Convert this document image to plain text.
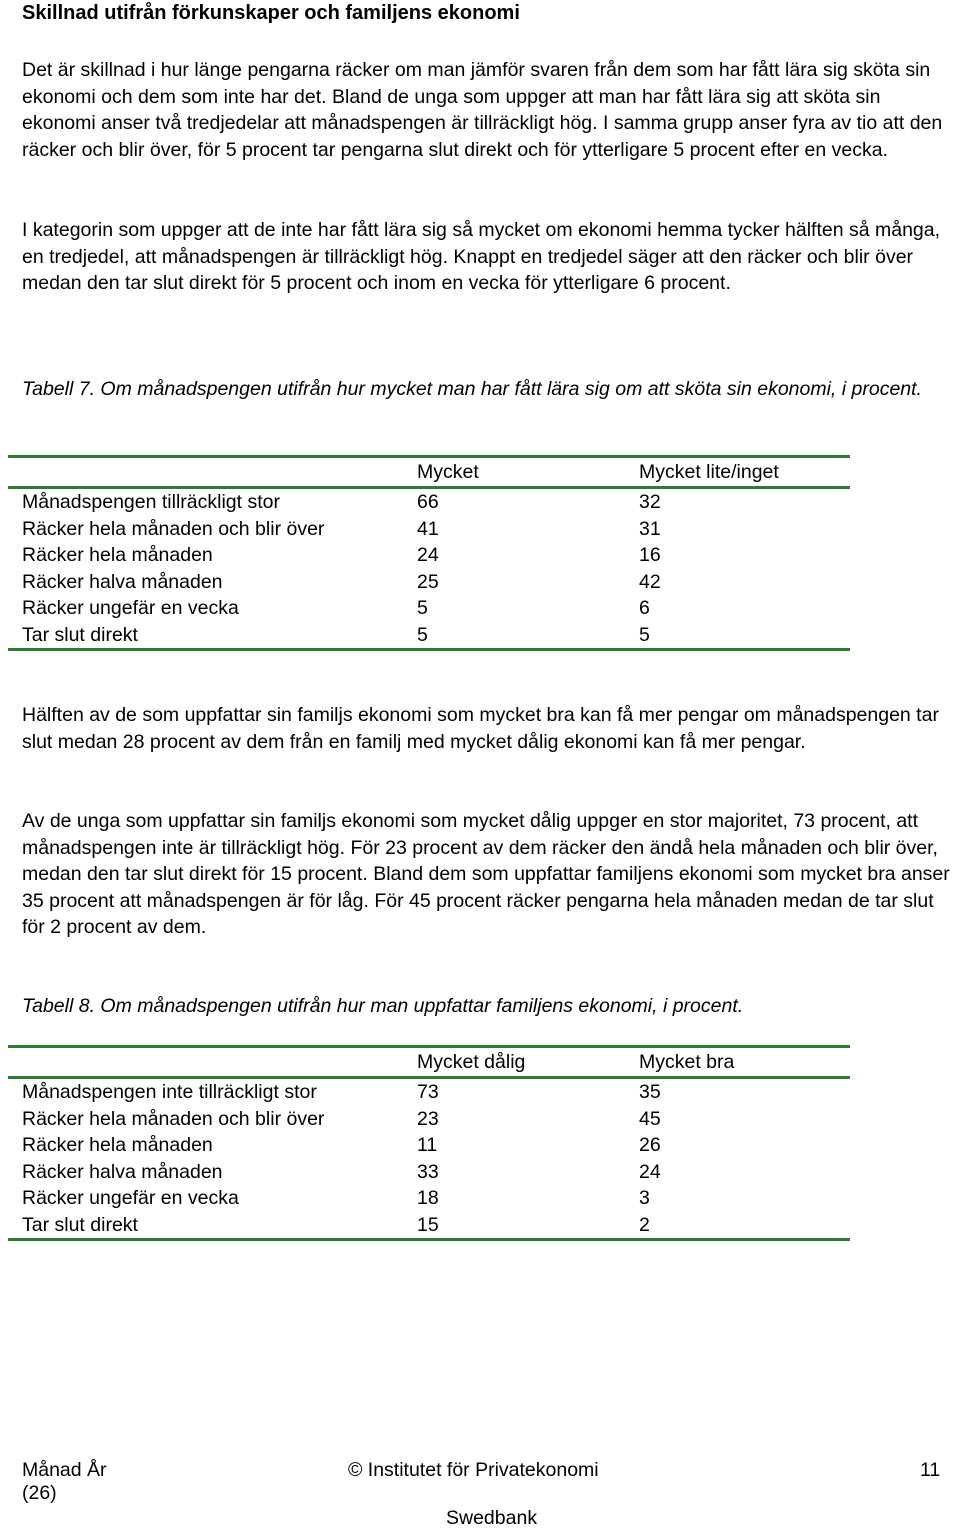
Skillnad utifrån förkunskaper och familjens ekonomi

Det är skillnad i hur länge pengarna räcker om man jämför svaren från dem som har fått lära sig sköta sin ekonomi och dem som inte har det. Bland de unga som uppger att man har fått lära sig att sköta sin ekonomi anser två tredjedelar att månadspengen är tillräckligt hög. I samma grupp anser fyra av tio att den räcker och blir över, för 5 procent tar pengarna slut direkt och för ytterligare 5 procent efter en vecka.

I kategorin som uppger att de inte har fått lära sig så mycket om ekonomi hemma tycker hälften så många, en tredjedel, att månadspengen är tillräckligt hög. Knappt en tredjedel säger att den räcker och blir över medan den tar slut direkt för 5 procent och inom en vecka för ytterligare 6 procent.

Tabell 7. Om månadspengen utifrån hur mycket man har fått lära sig om att sköta sin ekonomi, i procent.

	Mycket	Mycket lite/inget
Månadspengen tillräckligt stor	66	32
Räcker hela månaden och blir över	41	31
Räcker hela månaden	24	16
Räcker halva månaden	25	42
Räcker ungefär en vecka	5	6
Tar slut direkt	5	5

Hälften av de som uppfattar sin familjs ekonomi som mycket bra kan få mer pengar om månadspengen tar slut medan 28 procent av dem från en familj med mycket dålig ekonomi kan få mer pengar.

Av de unga som uppfattar sin familjs ekonomi som mycket dålig uppger en stor majoritet, 73 procent, att månadspengen inte är tillräckligt hög. För 23 procent av dem räcker den ändå hela månaden och blir över, medan den tar slut direkt för 15 procent. Bland dem som uppfattar familjens ekonomi som mycket bra anser 35 procent att månadspengen är för låg. För 45 procent räcker pengarna hela månaden medan de tar slut för 2 procent av dem.

Tabell 8. Om månadspengen utifrån hur man uppfattar familjens ekonomi, i procent.

	Mycket dålig	Mycket bra
Månadspengen inte tillräckligt stor	73	35
Räcker hela månaden och blir över	23	45
Räcker hela månaden	11	26
Räcker halva månaden	33	24
Räcker ungefär en vecka	18	3
Tar slut direkt	15	2
Månad År
(26)
© Institutet för Privatekonomi	11
Swedbank
